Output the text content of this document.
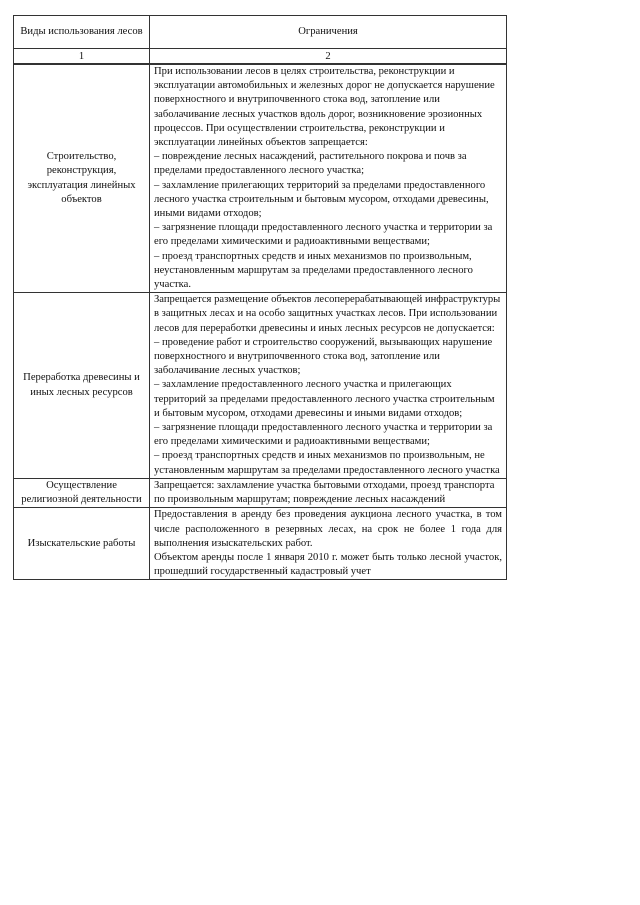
Виды использования лесов	Ограничения
1	2
Строительство, реконструкция, эксплуатация линейных объектов	При использовании лесов в целях строительства, реконструкции и эксплуатации автомобильных и железных дорог не допускается нарушение поверхностного и внутрипочвенного стока вод, затопление или заболачивание лесных участков вдоль дорог, возникновение эрозионных процессов. При осуществлении строительства, реконструкции и эксплуатации линейных объектов запрещается:
– повреждение лесных насаждений, растительного покрова и почв за пределами предоставленного лесного участка;
– захламление прилегающих территорий за пределами предоставленного лесного участка строительным и бытовым мусором, отходами древесины, иными видами отходов;
– загрязнение площади предоставленного лесного участка и территории за его пределами химическими и радиоактивными веществами;
– проезд транспортных средств и иных механизмов по произвольным, неустановленным маршрутам за пределами предоставленного лесного участка.

Переработка древесины и иных лесных ресурсов	Запрещается размещение объектов лесоперерабатывающей инфраструктуры в защитных лесах и на особо защитных участках лесов. При использовании лесов для переработки древесины и иных лесных ресурсов не допускается:
– проведение работ и строительство сооружений, вызывающих нарушение поверхностного и внутрипочвенного стока вод, затопление или заболачивание лесных участков;
– захламление предоставленного лесного участка и прилегающих территорий за пределами предоставленного лесного участка строительным и бытовым мусором, отходами древесины и иными видами отходов;
– загрязнение площади предоставленного лесного участка и территории за его пределами химическими и радиоактивными веществами;
– проезд транспортных средств и иных механизмов по произвольным, не установленным маршрутам за пределами предоставленного лесного участка

Осуществление религиозной деятельности	Запрещается: захламление участка бытовыми отходами, проезд транспорта по произвольным маршрутам; повреждение лесных насаждений

Изыскательские работы	Предоставления в аренду без проведения аукциона лесного участка, в том числе расположенного в резервных лесах, на срок не более 1 года для выполнения изыскательских работ.
Объектом аренды после 1 января 2010 г. может быть только лесной участок, прошедший государственный кадастровый учет
